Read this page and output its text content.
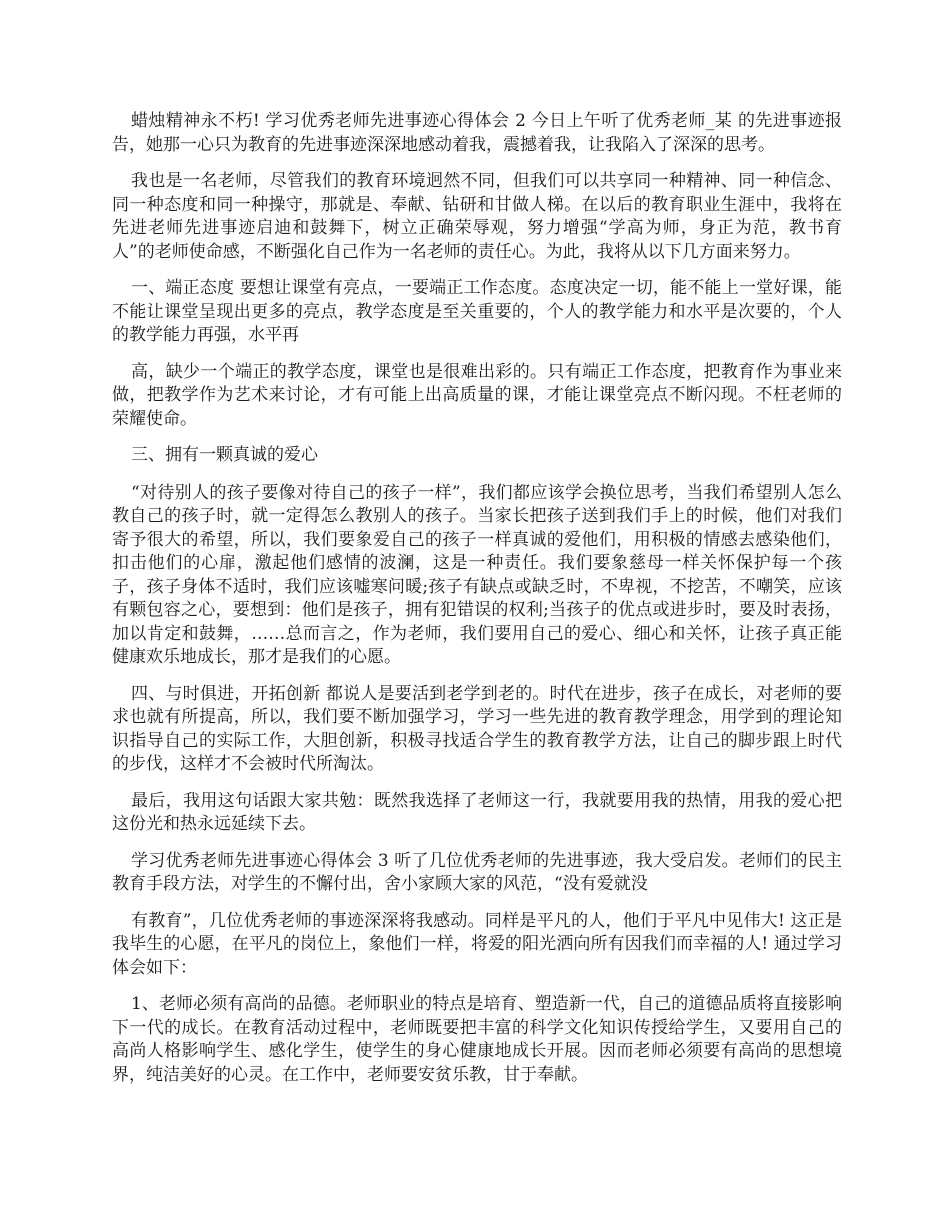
蜡烛精神永不朽! 学习优秀老师先进事迹心得体会 2 今日上午听了优秀老师_某 的先进事迹报告，她那一心只为教育的先进事迹深深地感动着我，震撼着我，让我陷入了深深的思考。

我也是一名老师，尽管我们的教育环境迥然不同，但我们可以共享同一种精神、同一种信念、同一种态度和同一种操守，那就是、奉献、钻研和甘做人梯。在以后的教育职业生涯中，我将在先进老师先进事迹启迪和鼓舞下，树立正确荣辱观，努力增强“学高为师，身正为范，教书育人”的老师使命感，不断强化自己作为一名老师的责任心。为此，我将从以下几方面来努力。

一、端正态度 要想让课堂有亮点，一要端正工作态度。态度决定一切，能不能上一堂好课，能不能让课堂呈现出更多的亮点，教学态度是至关重要的，个人的教学能力和水平是次要的，个人的教学能力再强，水平再

高，缺少一个端正的教学态度，课堂也是很难出彩的。只有端正工作态度，把教育作为事业来做，把教学作为艺术来讨论，才有可能上出高质量的课，才能让课堂亮点不断闪现。不枉老师的荣耀使命。

三、拥有一颗真诚的爱心

“对待别人的孩子要像对待自己的孩子一样”，我们都应该学会换位思考，当我们希望别人怎么教自己的孩子时，就一定得怎么教别人的孩子。当家长把孩子送到我们手上的时候，他们对我们寄予很大的希望，所以，我们要象爱自己的孩子一样真诚的爱他们，用积极的情感去感染他们，扣击他们的心扉，激起他们感情的波澜，这是一种责任。我们要象慈母一样关怀保护每一个孩子，孩子身体不适时，我们应该嘘寒问暖;孩子有缺点或缺乏时，不卑视，不挖苦，不嘲笑，应该有颗包容之心，要想到：他们是孩子，拥有犯错误的权利;当孩子的优点或进步时，要及时表扬，加以肯定和鼓舞，……总而言之，作为老师，我们要用自己的爱心、细心和关怀，让孩子真正能健康欢乐地成长，那才是我们的心愿。

四、与时俱进，开拓创新 都说人是要活到老学到老的。时代在进步，孩子在成长，对老师的要求也就有所提高，所以，我们要不断加强学习，学习一些先进的教育教学理念，用学到的理论知识指导自己的实际工作，大胆创新，积极寻找适合学生的教育教学方法，让自己的脚步跟上时代的步伐，这样才不会被时代所淘汰。

最后，我用这句话跟大家共勉：既然我选择了老师这一行，我就要用我的热情，用我的爱心把这份光和热永远延续下去。

学习优秀老师先进事迹心得体会 3 听了几位优秀老师的先进事迹，我大受启发。老师们的民主教育手段方法，对学生的不懈付出，舍小家顾大家的风范，“没有爱就没

有教育”，几位优秀老师的事迹深深将我感动。同样是平凡的人，他们于平凡中见伟大! 这正是我毕生的心愿，在平凡的岗位上，象他们一样，将爱的阳光洒向所有因我们而幸福的人! 通过学习体会如下：

1、老师必须有高尚的品德。老师职业的特点是培育、塑造新一代，自己的道德品质将直接影响下一代的成长。在教育活动过程中，老师既要把丰富的科学文化知识传授给学生，又要用自己的高尚人格影响学生、感化学生，使学生的身心健康地成长开展。因而老师必须要有高尚的思想境界，纯洁美好的心灵。在工作中，老师要安贫乐教，甘于奉献。
